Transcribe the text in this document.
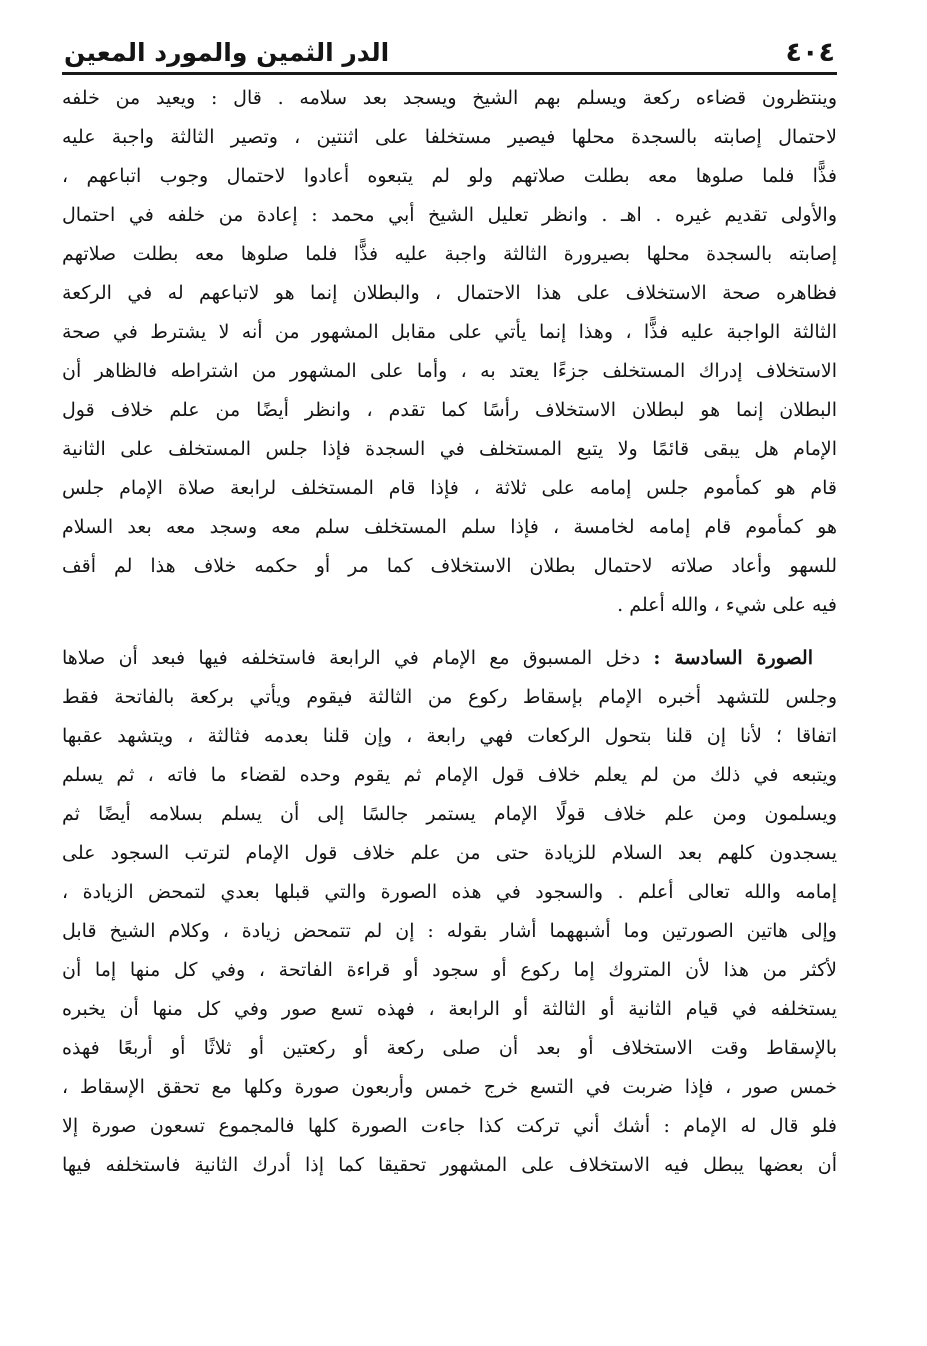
٤٠٤
الدر الثمين والمورد المعين
وينتظرون قضاءه ركعة ويسلم بهم الشيخ ويسجد بعد سلامه . قال : ويعيد من خلفه
لاحتمال إصابته بالسجدة محلها فيصير مستخلفا على اثنتين ، وتصير الثالثة واجبة عليه
فذًّا فلما صلوها معه بطلت صلاتهم ولو لم يتبعوه أعادوا لاحتمال وجوب اتباعهم ،
والأولى تقديم غيره . اهـ . وانظر تعليل الشيخ أبي محمد : إعادة من خلفه في احتمال
إصابته بالسجدة محلها بصيرورة الثالثة واجبة عليه فذًّا فلما صلوها معه بطلت صلاتهم
فظاهره صحة الاستخلاف على هذا الاحتمال ، والبطلان إنما هو لاتباعهم له في الركعة
الثالثة الواجبة عليه فذًّا ، وهذا إنما يأتي على مقابل المشهور من أنه لا يشترط في صحة
الاستخلاف إدراك المستخلف جزءًا يعتد به ، وأما على المشهور من اشتراطه فالظاهر أن
البطلان إنما هو لبطلان الاستخلاف رأسًا كما تقدم ، وانظر أيضًا من علم خلاف قول
الإمام هل يبقى قائمًا ولا يتبع المستخلف في السجدة فإذا جلس المستخلف على الثانية
قام هو كمأموم جلس إمامه على ثلاثة ، فإذا قام المستخلف لرابعة صلاة الإمام جلس
هو كمأموم قام إمامه لخامسة ، فإذا سلم المستخلف سلم معه وسجد معه بعد السلام
للسهو وأعاد صلاته لاحتمال بطلان الاستخلاف كما مر أو حكمه خلاف هذا لم أقف
فيه على شيء ، والله أعلم .
الصورة السادسة : دخل المسبوق مع الإمام في الرابعة فاستخلفه فيها فبعد أن صلاها
وجلس للتشهد أخبره الإمام بإسقاط ركوع من الثالثة فيقوم ويأتي بركعة بالفاتحة فقط
اتفاقا ؛ لأنا إن قلنا بتحول الركعات فهي رابعة ، وإن قلنا بعدمه فثالثة ، ويتشهد عقبها
ويتبعه في ذلك من لم يعلم خلاف قول الإمام ثم يقوم وحده لقضاء ما فاته ، ثم يسلم
ويسلمون ومن علم خلاف قولًا الإمام يستمر جالسًا إلى أن يسلم بسلامه أيضًا ثم
يسجدون كلهم بعد السلام للزيادة حتى من علم خلاف قول الإمام لترتب السجود على
إمامه والله تعالى أعلم . والسجود في هذه الصورة والتي قبلها بعدي لتمحض الزيادة ،
وإلى هاتين الصورتين وما أشبههما أشار بقوله : إن لم تتمحض زيادة ، وكلام الشيخ قابل
لأكثر من هذا لأن المتروك إما ركوع أو سجود أو قراءة الفاتحة ، وفي كل منها إما أن
يستخلفه في قيام الثانية أو الثالثة أو الرابعة ، فهذه تسع صور وفي كل منها أن يخبره
بالإسقاط وقت الاستخلاف أو بعد أن صلى ركعة أو ركعتين أو ثلاثًا أو أربعًا فهذه
خمس صور ، فإذا ضربت في التسع خرج خمس وأربعون صورة وكلها مع تحقق الإسقاط ،
فلو قال له الإمام : أشك أني تركت كذا جاءت الصورة كلها فالمجموع تسعون صورة إلا
أن بعضها يبطل فيه الاستخلاف على المشهور تحقيقا كما إذا أدرك الثانية فاستخلفه فيها
